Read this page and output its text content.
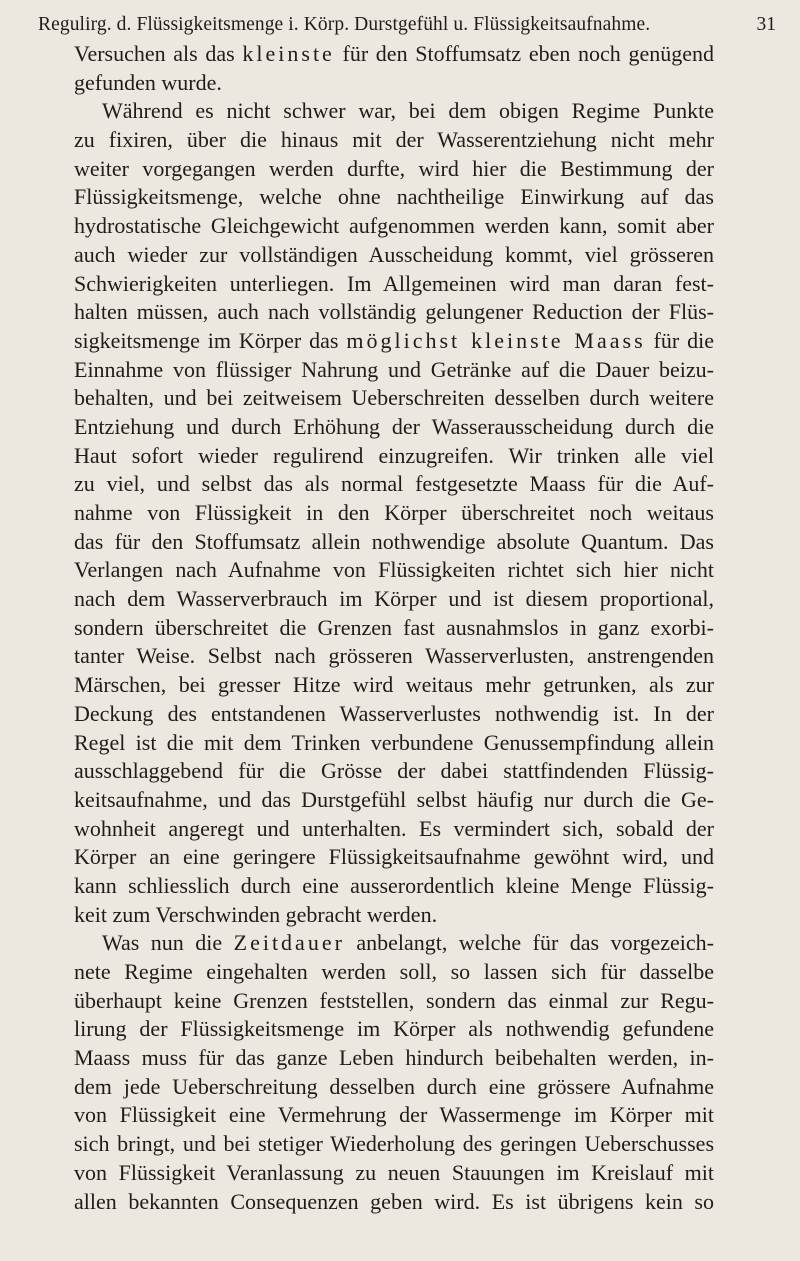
Regulirg. d. Flüssigkeitsmenge i. Körp. Durstgefühl u. Flüssigkeitsaufnahme.	31
Versuchen als das kleinste für den Stoffumsatz eben noch genügend
gefunden wurde.
Während es nicht schwer war, bei dem obigen Regime Punkte
zu fixiren, über die hinaus mit der Wasserentziehung nicht mehr
weiter vorgegangen werden durfte, wird hier die Bestimmung der
Flüssigkeitsmenge, welche ohne nachtheilige Einwirkung auf das
hydrostatische Gleichgewicht aufgenommen werden kann, somit aber
auch wieder zur vollständigen Ausscheidung kommt, viel grösseren
Schwierigkeiten unterliegen. Im Allgemeinen wird man daran fest-
halten müssen, auch nach vollständig gelungener Reduction der Flüs-
sigkeitsmenge im Körper das möglichst kleinste Maass für die
Einnahme von flüssiger Nahrung und Getränke auf die Dauer beizu-
behalten, und bei zeitweisem Ueberschreiten desselben durch weitere
Entziehung und durch Erhöhung der Wasserausscheidung durch die
Haut sofort wieder regulirend einzugreifen. Wir trinken alle viel
zu viel, und selbst das als normal festgesetzte Maass für die Auf-
nahme von Flüssigkeit in den Körper überschreitet noch weitaus
das für den Stoffumsatz allein nothwendige absolute Quantum. Das
Verlangen nach Aufnahme von Flüssigkeiten richtet sich hier nicht
nach dem Wasserverbrauch im Körper und ist diesem proportional,
sondern überschreitet die Grenzen fast ausnahmslos in ganz exorbi-
tanter Weise. Selbst nach grösseren Wasserverlusten, anstrengenden
Märschen, bei gresser Hitze wird weitaus mehr getrunken, als zur
Deckung des entstandenen Wasserverlustes nothwendig ist. In der
Regel ist die mit dem Trinken verbundene Genussempfindung allein
ausschlaggebend für die Grösse der dabei stattfindenden Flüssig-
keitsaufnahme, und das Durstgefühl selbst häufig nur durch die Ge-
wohnheit angeregt und unterhalten. Es vermindert sich, sobald der
Körper an eine geringere Flüssigkeitsaufnahme gewöhnt wird, und
kann schliesslich durch eine ausserordentlich kleine Menge Flüssig-
keit zum Verschwinden gebracht werden.
Was nun die Zeitdauer anbelangt, welche für das vorgezeich-
nete Regime eingehalten werden soll, so lassen sich für dasselbe
überhaupt keine Grenzen feststellen, sondern das einmal zur Regu-
lirung der Flüssigkeitsmenge im Körper als nothwendig gefundene
Maass muss für das ganze Leben hindurch beibehalten werden, in-
dem jede Ueberschreitung desselben durch eine grössere Aufnahme
von Flüssigkeit eine Vermehrung der Wassermenge im Körper mit
sich bringt, und bei stetiger Wiederholung des geringen Ueberschusses
von Flüssigkeit Veranlassung zu neuen Stauungen im Kreislauf mit
allen bekannten Consequenzen geben wird. Es ist übrigens kein so
